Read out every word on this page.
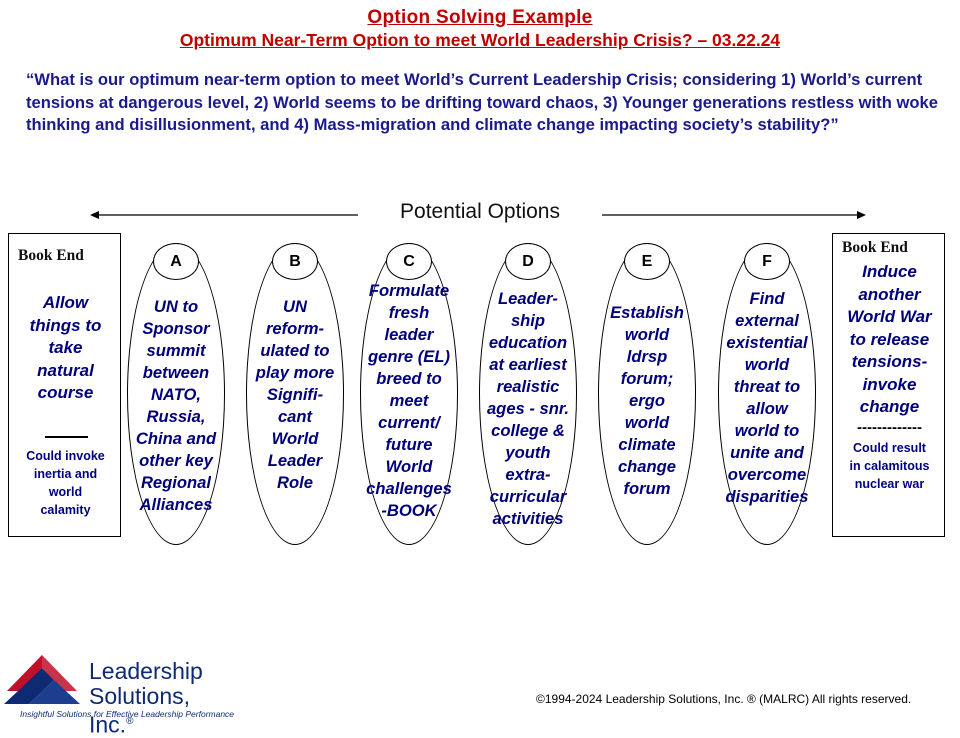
Option Solving Example
Optimum Near-Term Option to meet World Leadership Crisis? – 03.22.24

“What is our optimum near-term option to meet World’s Current Leadership Crisis; considering 1) World’s current tensions at dangerous level, 2) World seems to be drifting toward chaos, 3) Younger generations restless with woke thinking and disillusionment, and 4) Mass-migration and climate change impacting society’s stability?”

Potential Options
Book End
Allow
things to
take
natural
course
Could invoke
inertia and
world
calamity
UN to
Sponsor
summit
between
NATO,
Russia,
China and
other key
Regional
Alliances
A
UN
reform-
ulated to
play more
Signifi-
cant
World
Leader
Role
B
Formulate
fresh
leader
genre (EL)
breed to
meet
current/
future
World
challenges
-BOOK
C
Leader-
ship
education
at earliest
realistic
ages - snr.
college &
youth
extra-
curricular
activities
D
Establish
world
ldrsp
forum;
ergo
world
climate
change
forum
E
Find
external
existential
world
threat to
allow
world to
unite and
overcome
disparities
F
Book End
Induce
another
World War
to release
tensions-
invoke
change
-------------
Could result
in calamitous
nuclear war
Leadership
Solutions, Inc.®
Insightful Solutions for Effective Leadership Performance
©1994-2024 Leadership Solutions, Inc. ® (MALRC) All rights reserved.
